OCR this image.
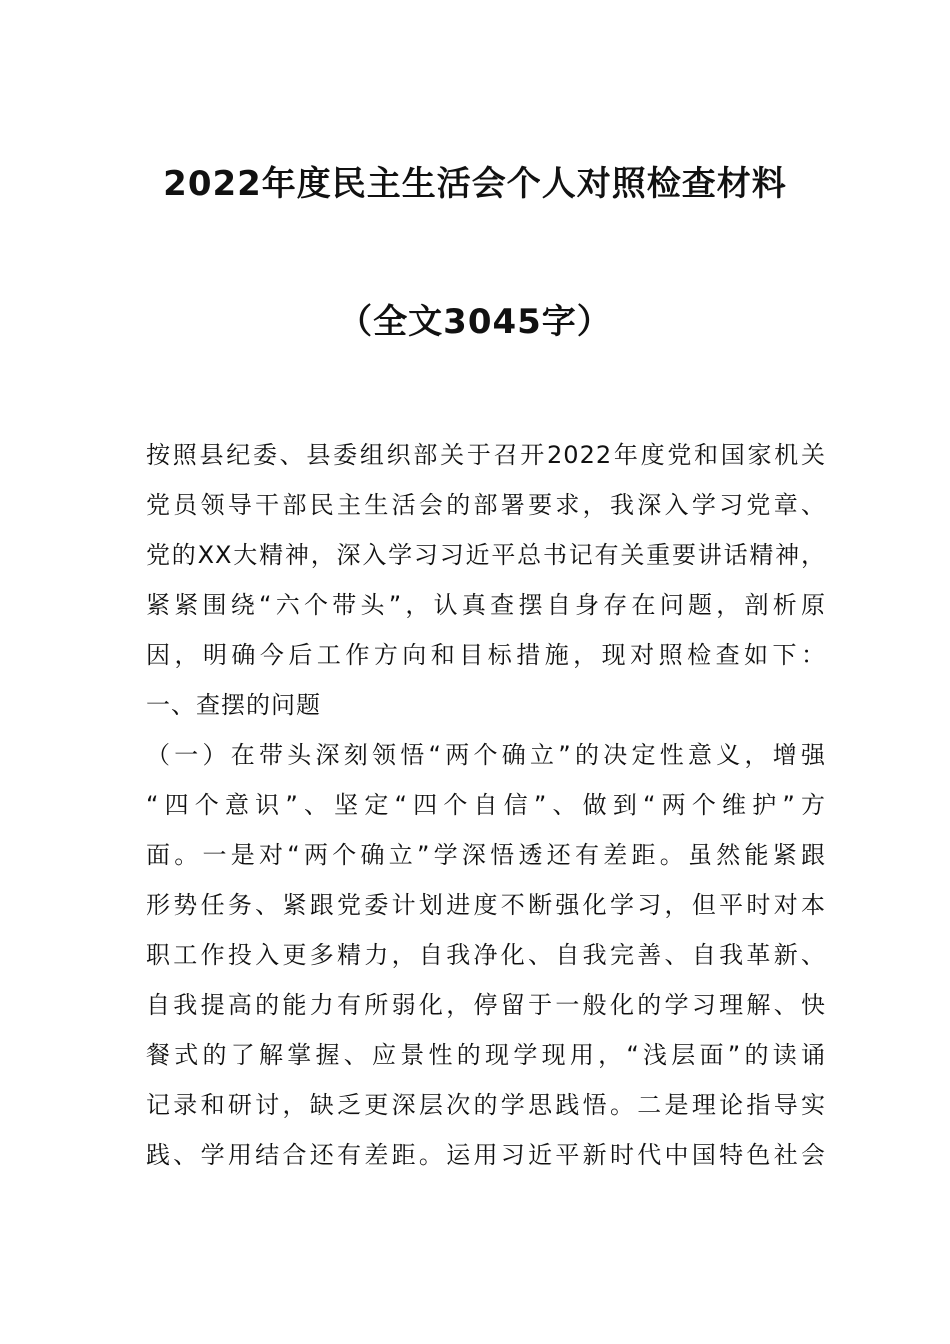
2022年度民主生活会个人对照检查材料
（全文3045字）
按照县纪委、县委组织部关于召开2022年度党和国家机关
党员领导干部民主生活会的部署要求，我深入学习党章、
党的XX大精神，深入学习习近平总书记有关重要讲话精神，
紧紧围绕“六个带头”，认真查摆自身存在问题，剖析原
因，明确今后工作方向和目标措施，现对照检查如下：
一、查摆的问题
（一）在带头深刻领悟“两个确立”的决定性意义，增强
“四个意识”、坚定“四个自信”、做到“两个维护”方
面。一是对“两个确立”学深悟透还有差距。虽然能紧跟
形势任务、紧跟党委计划进度不断强化学习，但平时对本
职工作投入更多精力，自我净化、自我完善、自我革新、
自我提高的能力有所弱化，停留于一般化的学习理解、快
餐式的了解掌握、应景性的现学现用，“浅层面”的读诵
记录和研讨，缺乏更深层次的学思践悟。二是理论指导实
践、学用结合还有差距。运用习近平新时代中国特色社会
